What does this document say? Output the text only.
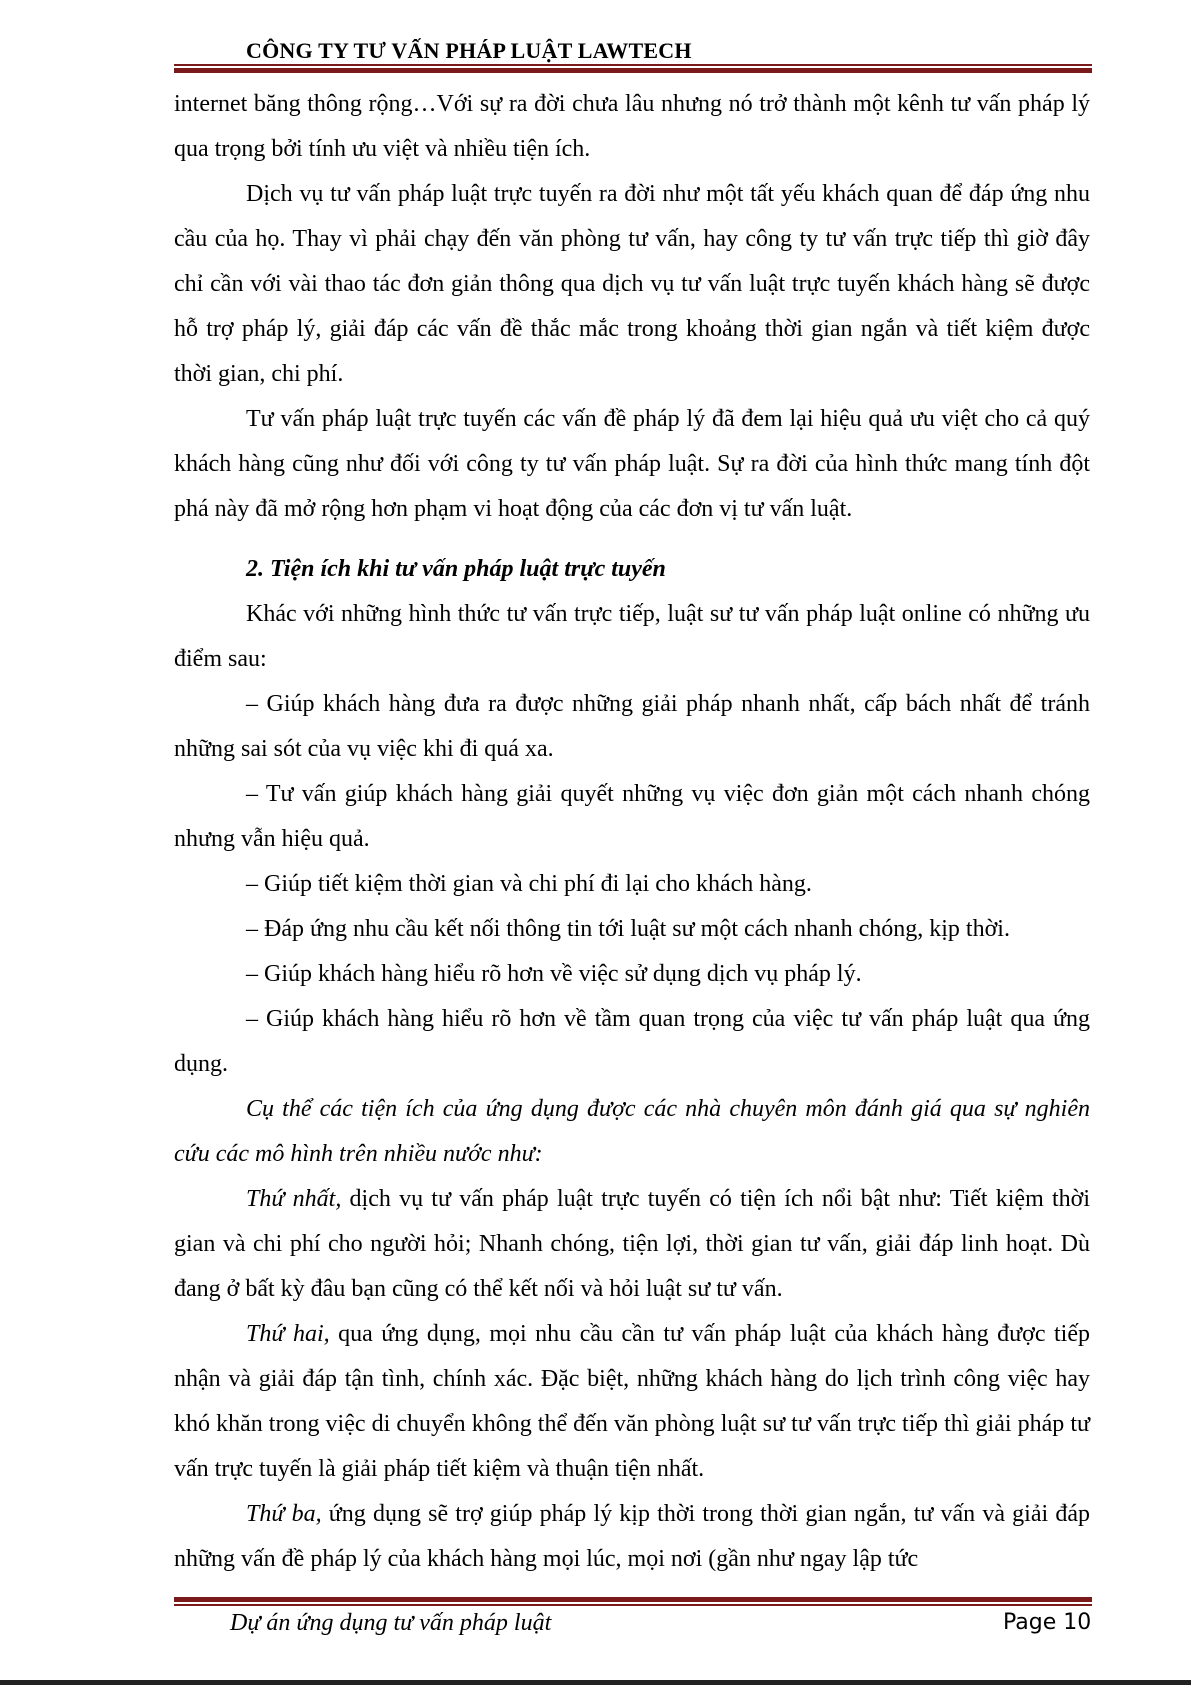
CÔNG TY TƯ VẤN PHÁP LUẬT LAWTECH

internet băng thông rộng…Với sự ra đời chưa lâu nhưng nó trở thành một kênh tư vấn pháp lý qua trọng bởi tính ưu việt và nhiều tiện ích.

Dịch vụ tư vấn pháp luật trực tuyến ra đời như một tất yếu khách quan để đáp ứng nhu cầu của họ. Thay vì phải chạy đến văn phòng tư vấn, hay công ty tư vấn trực tiếp thì giờ đây chỉ cần với vài thao tác đơn giản thông qua dịch vụ tư vấn luật trực tuyến khách hàng sẽ được hỗ trợ pháp lý, giải đáp các vấn đề thắc mắc trong khoảng thời gian ngắn và tiết kiệm được thời gian, chi phí.

Tư vấn pháp luật trực tuyến các vấn đề pháp lý đã đem lại hiệu quả ưu việt cho cả quý khách hàng cũng như đối với công ty tư vấn pháp luật. Sự ra đời của hình thức mang tính đột phá này đã mở rộng hơn phạm vi hoạt động của các đơn vị tư vấn luật.

2. Tiện ích khi tư vấn pháp luật trực tuyến

Khác với những hình thức tư vấn trực tiếp, luật sư tư vấn pháp luật online có những ưu điểm sau:

– Giúp khách hàng đưa ra được những giải pháp nhanh nhất, cấp bách nhất để tránh những sai sót của vụ việc khi đi quá xa.

– Tư vấn giúp khách hàng giải quyết những vụ việc đơn giản một cách nhanh chóng nhưng vẫn hiệu quả.

– Giúp tiết kiệm thời gian và chi phí đi lại cho khách hàng.

– Đáp ứng nhu cầu kết nối thông tin tới luật sư một cách nhanh chóng, kịp thời.

– Giúp khách hàng hiểu rõ hơn về việc sử dụng dịch vụ pháp lý.

– Giúp khách hàng hiểu rõ hơn về tầm quan trọng của việc tư vấn pháp luật qua ứng dụng.

Cụ thể các tiện ích của ứng dụng được các nhà chuyên môn đánh giá qua sự nghiên cứu các mô hình trên nhiều nước như:

Thứ nhất, dịch vụ tư vấn pháp luật trực tuyến có tiện ích nổi bật như: Tiết kiệm thời gian và chi phí cho người hỏi; Nhanh chóng, tiện lợi, thời gian tư vấn, giải đáp linh hoạt. Dù đang ở bất kỳ đâu bạn cũng có thể kết nối và hỏi luật sư tư vấn.

Thứ hai, qua ứng dụng, mọi nhu cầu cần tư vấn pháp luật của khách hàng được tiếp nhận và giải đáp tận tình, chính xác. Đặc biệt, những khách hàng do lịch trình công việc hay khó khăn trong việc di chuyển không thể đến văn phòng luật sư tư vấn trực tiếp thì giải pháp tư vấn trực tuyến là giải pháp tiết kiệm và thuận tiện nhất.

Thứ ba, ứng dụng sẽ trợ giúp pháp lý kịp thời trong thời gian ngắn, tư vấn và giải đáp những vấn đề pháp lý của khách hàng mọi lúc, mọi nơi (gần như ngay lập tức

Dự án ứng dụng tư vấn pháp luật	Page 10
